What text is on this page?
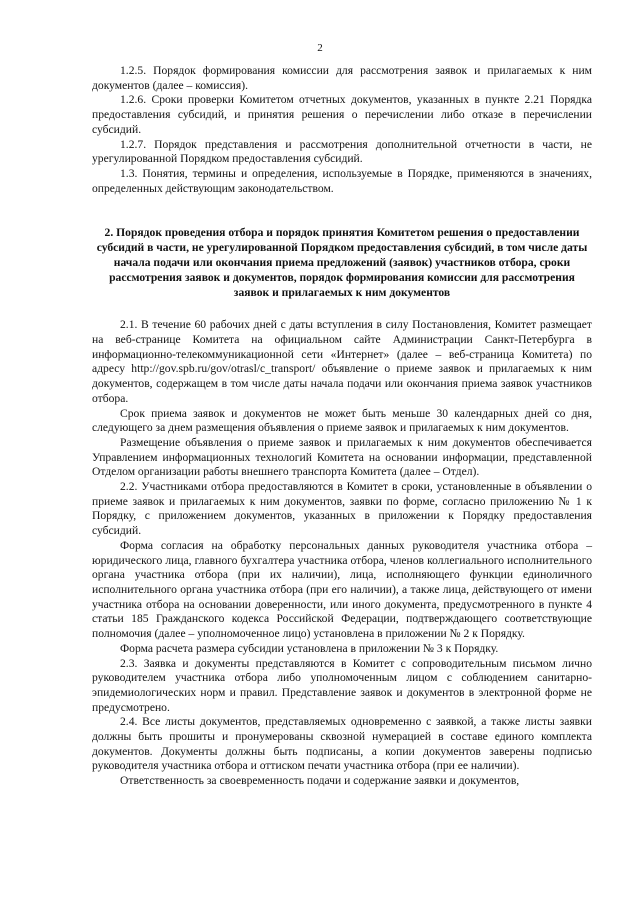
2

1.2.5. Порядок формирования комиссии для рассмотрения заявок и прилагаемых к ним документов (далее – комиссия).

1.2.6. Сроки проверки Комитетом отчетных документов, указанных в пункте 2.21 Порядка предоставления субсидий, и принятия решения о перечислении либо отказе в перечислении субсидий.

1.2.7. Порядок представления и рассмотрения дополнительной отчетности в части, не урегулированной Порядком предоставления субсидий.

1.3. Понятия, термины и определения, используемые в Порядке, применяются в значениях, определенных действующим законодательством.

2. Порядок проведения отбора и порядок принятия Комитетом решения о предоставлении субсидий в части, не урегулированной Порядком предоставления субсидий, в том числе даты начала подачи или окончания приема предложений (заявок) участников отбора, сроки рассмотрения заявок и документов, порядок формирования комиссии для рассмотрения заявок и прилагаемых к ним документов

2.1. В течение 60 рабочих дней с даты вступления в силу Постановления, Комитет размещает на веб-странице Комитета на официальном сайте Администрации Санкт-Петербурга в информационно-телекоммуникационной сети «Интернет» (далее – веб-страница Комитета) по адресу http://gov.spb.ru/gov/otrasl/c_transport/ объявление о приеме заявок и прилагаемых к ним документов, содержащем в том числе даты начала подачи или окончания приема заявок участников отбора.

Срок приема заявок и документов не может быть меньше 30 календарных дней со дня, следующего за днем размещения объявления о приеме заявок и прилагаемых к ним документов.

Размещение объявления о приеме заявок и прилагаемых к ним документов обеспечивается Управлением информационных технологий Комитета на основании информации, представленной Отделом организации работы внешнего транспорта Комитета (далее – Отдел).

2.2. Участниками отбора предоставляются в Комитет в сроки, установленные в объявлении о приеме заявок и прилагаемых к ним документов, заявки по форме, согласно приложению № 1 к Порядку, с приложением документов, указанных в приложении к Порядку предоставления субсидий.

Форма согласия на обработку персональных данных руководителя участника отбора – юридического лица, главного бухгалтера участника отбора, членов коллегиального исполнительного органа участника отбора (при их наличии), лица, исполняющего функции единоличного исполнительного органа участника отбора (при его наличии), а также лица, действующего от имени участника отбора на основании доверенности, или иного документа, предусмотренного в пункте 4 статьи 185 Гражданского кодекса Российской Федерации, подтверждающего соответствующие полномочия (далее – уполномоченное лицо) установлена в приложении № 2 к Порядку.

Форма расчета размера субсидии установлена в приложении № 3 к Порядку.

2.3. Заявка и документы представляются в Комитет с сопроводительным письмом лично руководителем участника отбора либо уполномоченным лицом с соблюдением санитарно-эпидемиологических норм и правил. Представление заявок и документов в электронной форме не предусмотрено.

2.4. Все листы документов, представляемых одновременно с заявкой, а также листы заявки должны быть прошиты и пронумерованы сквозной нумерацией в составе единого комплекта документов. Документы должны быть подписаны, а копии документов заверены подписью руководителя участника отбора и оттиском печати участника отбора (при ее наличии).

Ответственность за своевременность подачи и содержание заявки и документов,
